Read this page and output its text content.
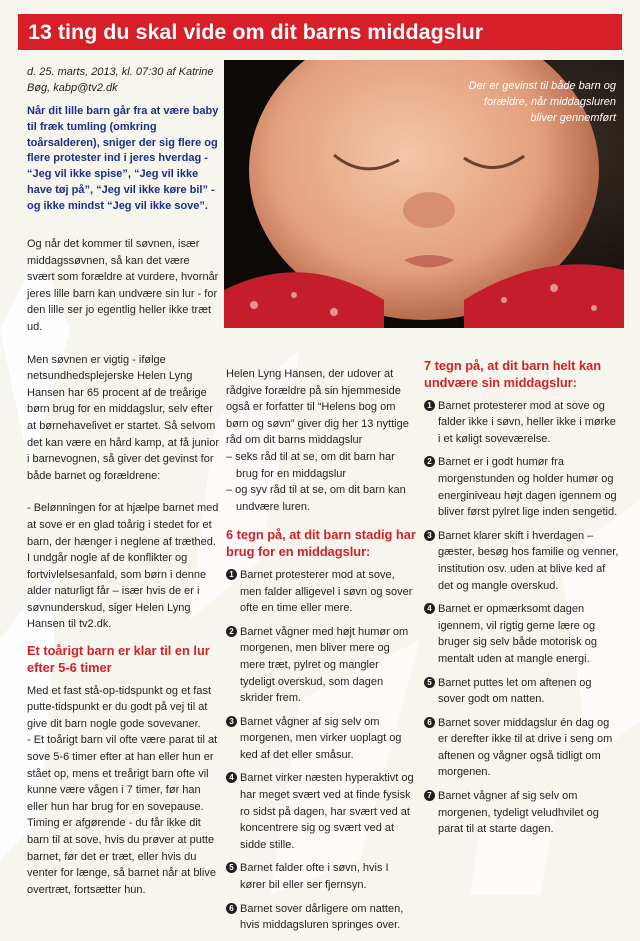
13 ting du skal vide om dit barns middagslur
d. 25. marts, 2013, kl. 07:30 af Katrine Bøg, kabp@tv2.dk
Når dit lille barn går fra at være baby til fræk tumling (omkring toårsalderen), sniger der sig flere og flere protester ind i jeres hverdag - “Jeg vil ikke spise”, “Jeg vil ikke have tøj på”, “Jeg vil ikke køre bil” - og ikke mindst “Jeg vil ikke sove”.
Der er gevinst til både barn og forældre, når middagsluren bliver gennemført

Og når det kommer til søvnen, især middagssøvnen, så kan det være svært som forældre at vurdere, hvornår jeres lille barn kan undvære sin lur - for den lille ser jo egentlig heller ikke træt ud.

Men søvnen er vigtig - ifølge netsundhedsplejerske Helen Lyng Hansen har 65 procent af de treårige børn brug for en middagslur, selv efter at børnehavelivet er startet. Så selvom det kan være en hård kamp, at få junior i barnevognen, så giver det gevinst for både barnet og forældrene:

- Belønningen for at hjælpe barnet med at sove er en glad toårig i stedet for et barn, der hænger i neglene af træthed. I undgår nogle af de konflikter og fortvivlelsesanfald, som børn i denne alder naturligt får – især hvis de er i søvnunderskud, siger Helen Lyng Hansen til tv2.dk.

Et toårigt barn er klar til en lur efter 5-6 timer

Med et fast stå-op-tidspunkt og et fast putte-tidspunkt er du godt på vej til at give dit barn nogle gode sovevaner.

- Et toårigt barn vil ofte være parat til at sove 5-6 timer efter at han eller hun er stået op, mens et treårigt barn ofte vil kunne være vågen i 7 timer, før han eller hun har brug for en sovepause. Timing er afgørende - du får ikke dit barn til at sove, hvis du prøver at putte barnet, før det er træt, eller hvis du venter for længe, så barnet når at blive overtræt, fortsætter hun.

Helen Lyng Hansen, der udover at rådgive forældre på sin hjemmeside også er forfatter til “Helens bog om børn og søvn” giver dig her 13 nyttige råd om dit barns middagslur

– seks råd til at se, om dit barn har brug for en middagslur
– og syv råd til at se, om dit barn kan undvære luren.
6 tegn på, at dit barn stadig har brug for en middagslur:
1 Barnet protesterer mod at sove, men falder alligevel i søvn og sover ofte en time eller mere.
2 Barnet vågner med højt humør om morgenen, men bliver mere og mere træt, pylret og mangler tydeligt overskud, som dagen skrider frem.
3 Barnet vågner af sig selv om morgenen, men virker uoplagt og ked af det eller småsur.
4 Barnet virker næsten hyperaktivt og har meget svært ved at finde fysisk ro sidst på dagen, har svært ved at koncentrere sig og svært ved at sidde stille.
5 Barnet falder ofte i søvn, hvis I kører bil eller ser fjernsyn.
6 Barnet sover dårligere om natten, hvis middagsluren springes over.
7 tegn på, at dit barn helt kan undvære sin middagslur:
1 Barnet protesterer mod at sove og falder ikke i søvn, heller ikke i mørke i et køligt soveværelse.
2 Barnet er i godt humør fra morgenstunden og holder humør og energiniveau højt dagen igennem og bliver først pylret lige inden sengetid.
3 Barnet klarer skift i hverdagen – gæster, besøg hos familie og venner, institution osv. uden at blive ked af det og mangle overskud.
4 Barnet er opmærksomt dagen igennem, vil rigtig gerne lære og bruger sig selv både motorisk og mentalt uden at mangle energi.
5 Barnet puttes let om aftenen og sover godt om natten.
6 Barnet sover middagslur én dag og er derefter ikke til at drive i seng om aftenen og vågner også tidligt om morgenen.
7 Barnet vågner af sig selv om morgenen, tydeligt veludhvilet og parat til at starte dagen.
